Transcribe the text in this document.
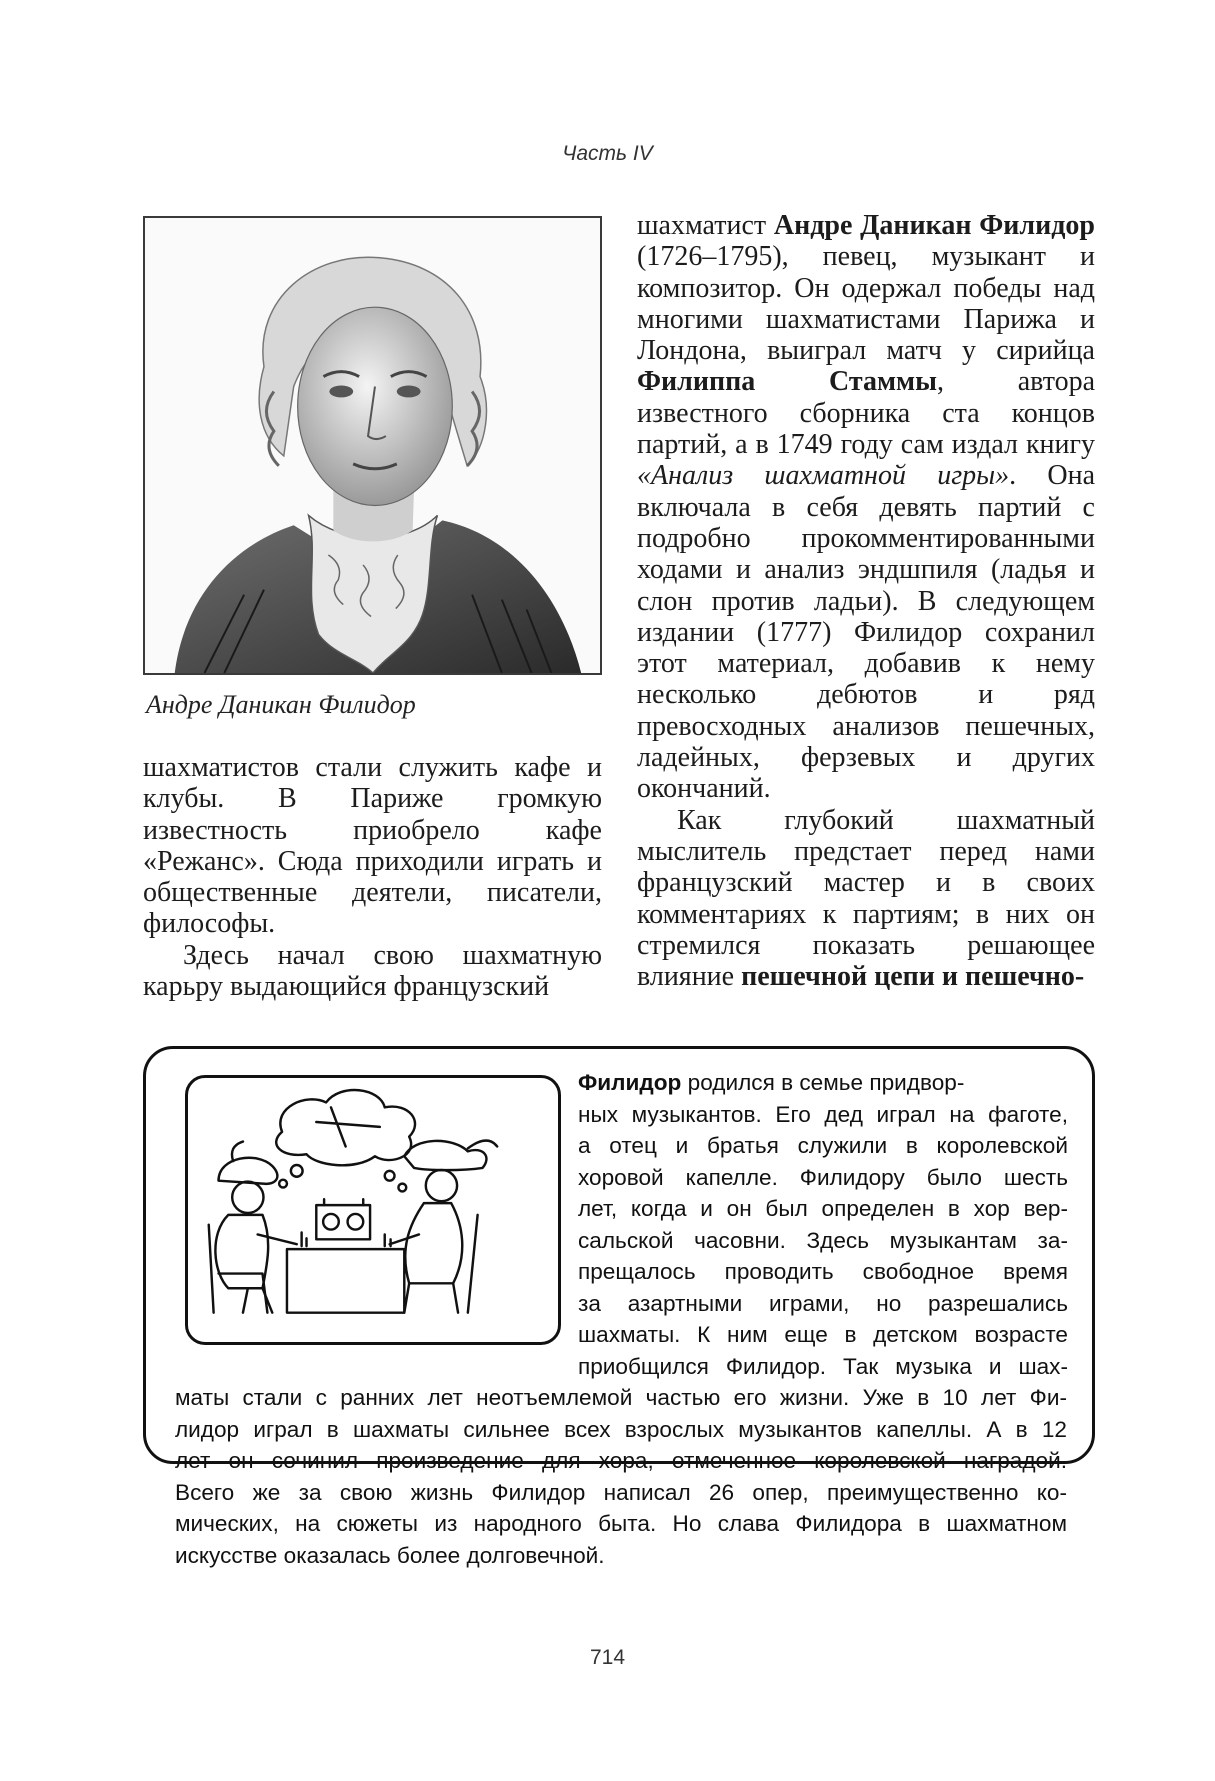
Часть IV
Андре Даникан Филидор

шахматистов стали служить кафе и клубы. В Париже громкую известность приобрело кафе «Режанс». Сюда приходили играть и общественные деятели, писатели, философы.

Здесь начал свою шахматную карьру выдающийся французский

шахматист Андре Даникан Филидор (1726–1795), певец, музыкант и композитор. Он одержал победы над многими шахматистами Парижа и Лондона, выиграл матч у сирийца Филиппа Стаммы, автора известного сборника ста концов партий, а в 1749 году сам издал книгу «Анализ шахматной игры». Она включала в себя девять партий с подробно прокомментированными ходами и анализ эндшпиля (ладья и слон против ладьи). В следующем издании (1777) Филидор сохранил этот материал, добавив к нему несколько дебютов и ряд превосходных анализов пешечных, ладейных, ферзевых и других окончаний.

Как глубокий шахматный мыслитель предстает перед нами французский мастер и в своих комментариях к партиям; в них он стремился показать решающее влияние пешечной цепи и пешечно-

Филидор родился в семье придвор-
ных музыкантов. Его дед играл на фаготе,
а отец и братья служили в королевской
хоровой капелле. Филидору было шесть
лет, когда и он был определен в хор вер-
сальской часовни. Здесь музыкантам за-
прещалось проводить свободное время
за азартными играми, но разрешались
шахматы. К ним еще в детском возрасте
приобщился Филидор. Так музыка и шах-
маты стали с ранних лет неотъемлемой частью его жизни. Уже в 10 лет Фи-
лидор играл в шахматы сильнее всех взрослых музыкантов капеллы. А в 12
лет он сочинил произведение для хора, отмеченное королевской наградой.
Всего же за свою жизнь Филидор написал 26 опер, преимущественно ко-
мических, на сюжеты из народного быта. Но слава Филидора в шахматном
искусстве оказалась более долговечной.
714
